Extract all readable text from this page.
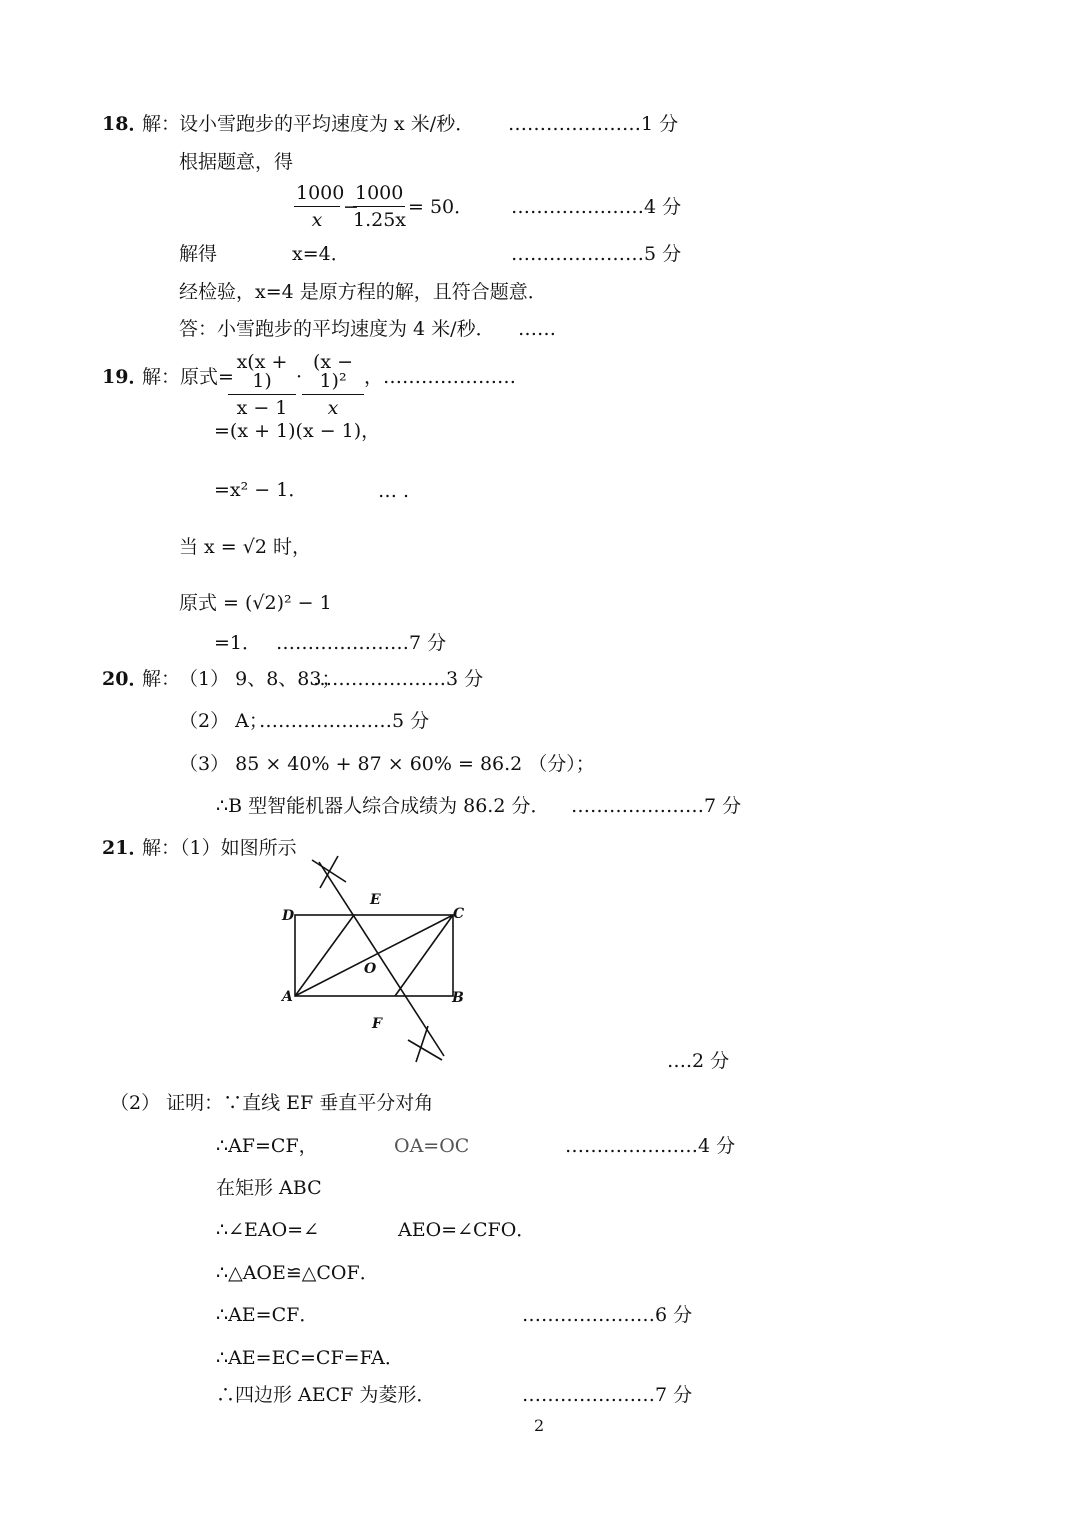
18．
解：
设小雪跑步的平均速度为 x 米/秒． …………………1 分
根据题意，得
1000
x
−
1000
1.25x
= 50． …………………4 分
解得	x=4．	…………………5 分
经检验，x=4 是原方程的解，且符合题意．
答：小雪跑步的平均速度为 4 米/秒． ……
19．
解：原式=
x(x + 1)
x − 1
·
(x − 1)²
x
，…………………
=(x + 1)(x − 1)，
=x² − 1．	… .
当 x = √2 时，
原式 = (√2)² − 1
=1． …………………7 分
20．
解：
（1） 9、8、83；
…………………3 分
（2） A；
…………………5 分
（3） 85 × 40% + 87 × 60% = 86.2 （分）；
∴B 型智能机器人综合成绩为 86.2 分． …………………7 分
21．
解：（1）如图所示
D
E
C
O
A	B
F
….2 分
（2） 证明：∵直线 EF 垂直平分对角
∴AF=CF，	OA=OC	…………………4 分
在矩形 ABC
∴∠EAO=∠	AEO=∠CFO．
∴△AOE≌△COF．
∴AE=CF．	…………………6 分
∴AE=EC=CF=FA．
∴四边形 AECF 为菱形．	…………………7 分
2
